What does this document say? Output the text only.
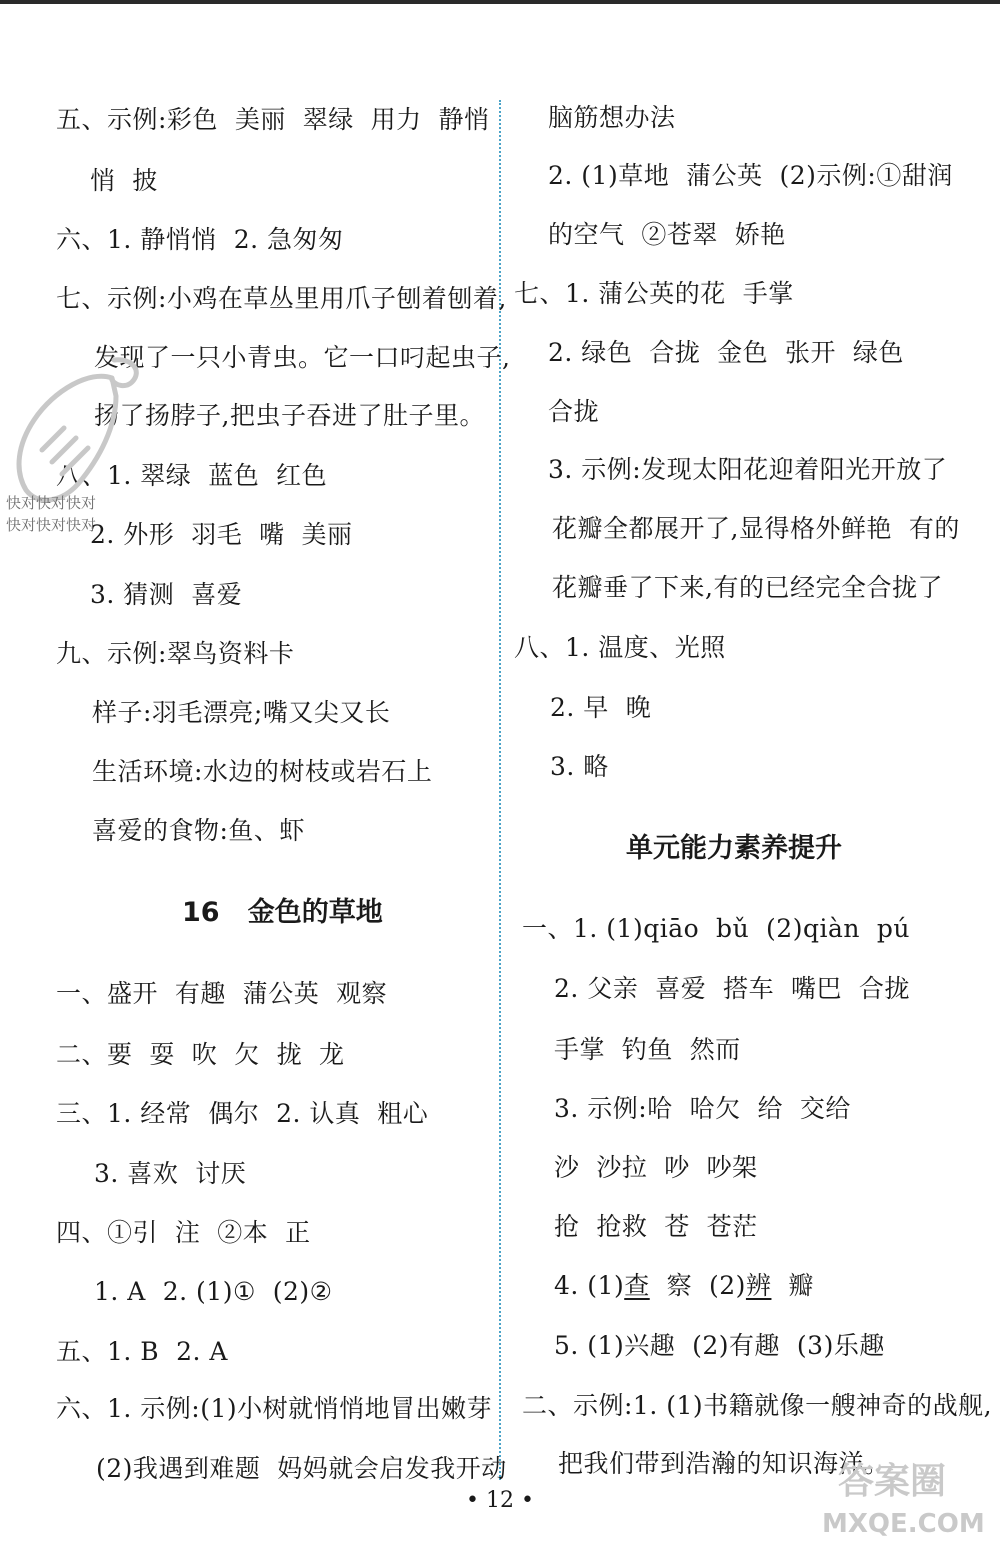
五、示例:彩色  美丽  翠绿  用力  静悄
悄  披
六、1. 静悄悄  2. 急匆匆
七、示例:小鸡在草丛里用爪子刨着刨着,
发现了一只小青虫。它一口叼起虫子,
扬了扬脖子,把虫子吞进了肚子里。
八、1. 翠绿  蓝色  红色
2. 外形  羽毛  嘴  美丽
3. 猜测  喜爱
九、示例:翠鸟资料卡
样子:羽毛漂亮;嘴又尖又长
生活环境:水边的树枝或岩石上
喜爱的食物:鱼、虾
16   金色的草地
一、盛开  有趣  蒲公英  观察
二、要  耍  吹  欠  拢  龙
三、1. 经常  偶尔  2. 认真  粗心
3. 喜欢  讨厌
四、①引  注  ②本  正
1. A  2. (1)①  (2)②
五、1. B  2. A
六、1. 示例:(1)小树就悄悄地冒出嫩芽
(2)我遇到难题  妈妈就会启发我开动
脑筋想办法
2. (1)草地  蒲公英  (2)示例:①甜润
的空气  ②苍翠  娇艳
七、1. 蒲公英的花  手掌
2. 绿色  合拢  金色  张开  绿色
合拢
3. 示例:发现太阳花迎着阳光开放了
花瓣全都展开了,显得格外鲜艳  有的
花瓣垂了下来,有的已经完全合拢了
八、1. 温度、光照
2. 早  晚
3. 略
单元能力素养提升
一、1. (1)qiāo  bǔ  (2)qiàn  pú
2. 父亲  喜爱  搭车  嘴巴  合拢
手掌  钓鱼  然而
3. 示例:哈  哈欠  给  交给
沙  沙拉  吵  吵架
抢  抢救  苍  苍茫
4. (1)查  察  (2)辨  瓣
5. (1)兴趣  (2)有趣  (3)乐趣
二、示例:1. (1)书籍就像一艘神奇的战舰,
把我们带到浩瀚的知识海洋。
• 12 •
快对快对快对
快对快对快对
答案圈
MXQE.COM
